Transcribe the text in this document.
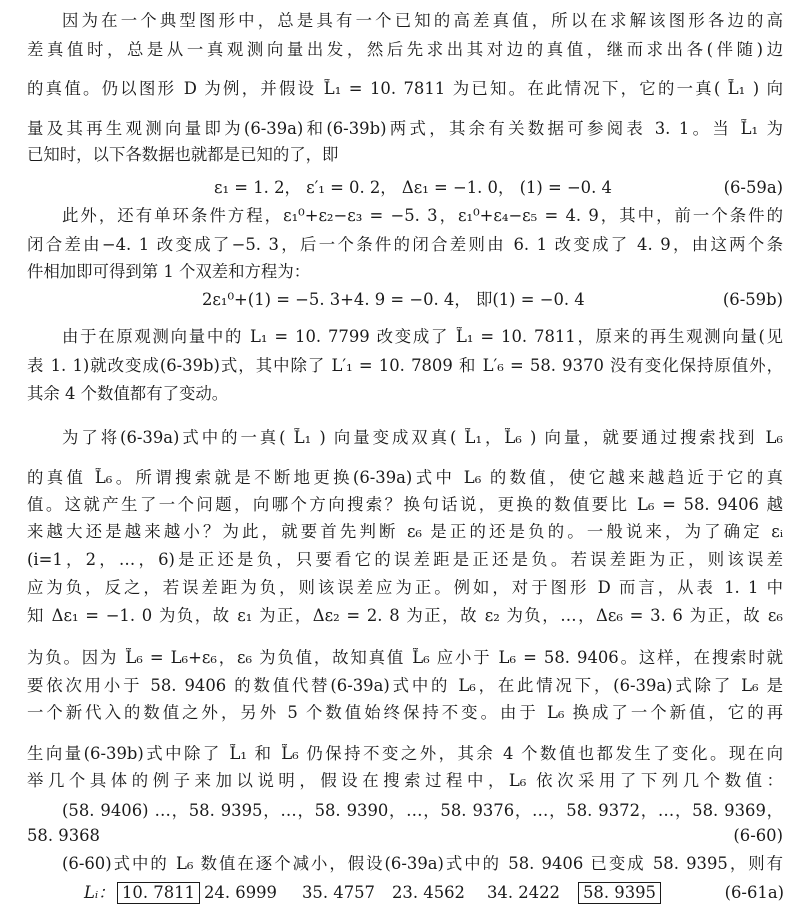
因为在一个典型图形中，总是具有一个已知的高差真值，所以在求解该图形各边的高
差真值时，总是从一真观测向量出发，然后先求出其对边的真值，继而求出各(伴随)边
的真值。仍以图形 D 为例，并假设 L̃₁ = 10. 7811 为已知。在此情况下，它的一真( L̃₁ ) 向
量及其再生观测向量即为(6-39a)和(6-39b)两式，其余有关数据可参阅表 3. 1。当 L̃₁ 为
已知时，以下各数据也就都是已知的了，即
此外，还有单环条件方程，ε₁⁰+ε₂−ε₃ = −5. 3，ε₁⁰+ε₄−ε₅ = 4. 9，其中，前一个条件的
闭合差由−4. 1 改变成了−5. 3，后一个条件的闭合差则由 6. 1 改变成了 4. 9，由这两个条
件相加即可得到第 1 个双差和方程为：
由于在原观测向量中的 L₁ = 10. 7799 改变成了 L̃₁ = 10. 7811，原来的再生观测向量(见
表 1. 1)就改变成(6-39b)式，其中除了 L′₁ = 10. 7809 和 L′₆ = 58. 9370 没有变化保持原值外，
其余 4 个数值都有了变动。
为了将(6-39a)式中的一真( L̃₁ ) 向量变成双真( L̃₁，L̃₆ ) 向量，就要通过搜索找到 L₆
的真值 L̃₆。所谓搜索就是不断地更换(6-39a)式中 L₆ 的数值，使它越来越趋近于它的真
值。这就产生了一个问题，向哪个方向搜索？换句话说，更换的数值要比 L₆ = 58. 9406 越
来越大还是越来越小？为此，就要首先判断 ε₆ 是正的还是负的。一般说来，为了确定 εᵢ
(i=1，2，…，6)是正还是负，只要看它的误差距是正还是负。若误差距为正，则该误差
应为负，反之，若误差距为负，则该误差应为正。例如，对于图形 D 而言，从表 1. 1 中
知 Δε₁ = −1. 0 为负，故 ε₁ 为正，Δε₂ = 2. 8 为正，故 ε₂ 为负，…，Δε₆ = 3. 6 为正，故 ε₆
为负。因为 L̃₆ = L₆+ε₆，ε₆ 为负值，故知真值 L̃₆ 应小于 L₆ = 58. 9406。这样，在搜索时就
要依次用小于 58. 9406 的数值代替(6-39a)式中的 L₆，在此情况下，(6-39a)式除了 L₆ 是
一个新代入的数值之外，另外 5 个数值始终保持不变。由于 L₆ 换成了一个新值，它的再
生向量(6-39b)式中除了 L̃₁ 和 L̃₆ 仍保持不变之外，其余 4 个数值也都发生了变化。现在向
举几个具体的例子来加以说明，假设在搜索过程中，L₆ 依次采用了下列几个数值：
(58. 9406) …，58. 9395，…，58. 9390，…，58. 9376，…，58. 9372，…，58. 9369，
58. 9368
(6-60)式中的 L₆ 数值在逐个减小，假设(6-39a)式中的 58. 9406 已变成 58. 9395，则有
ε₁ = 1. 2， ε′₁ = 0. 2， Δε₁ = −1. 0， (1) = −0. 4	(6-59a)
2ε₁⁰+(1) = −5. 3+4. 9 = −0. 4， 即(1) = −0. 4	(6-59b)
(6-60)
Lᵢ： 10. 7811 24. 6999 35. 4757 23. 4562 34. 2422	58. 9395	(6-61a)
